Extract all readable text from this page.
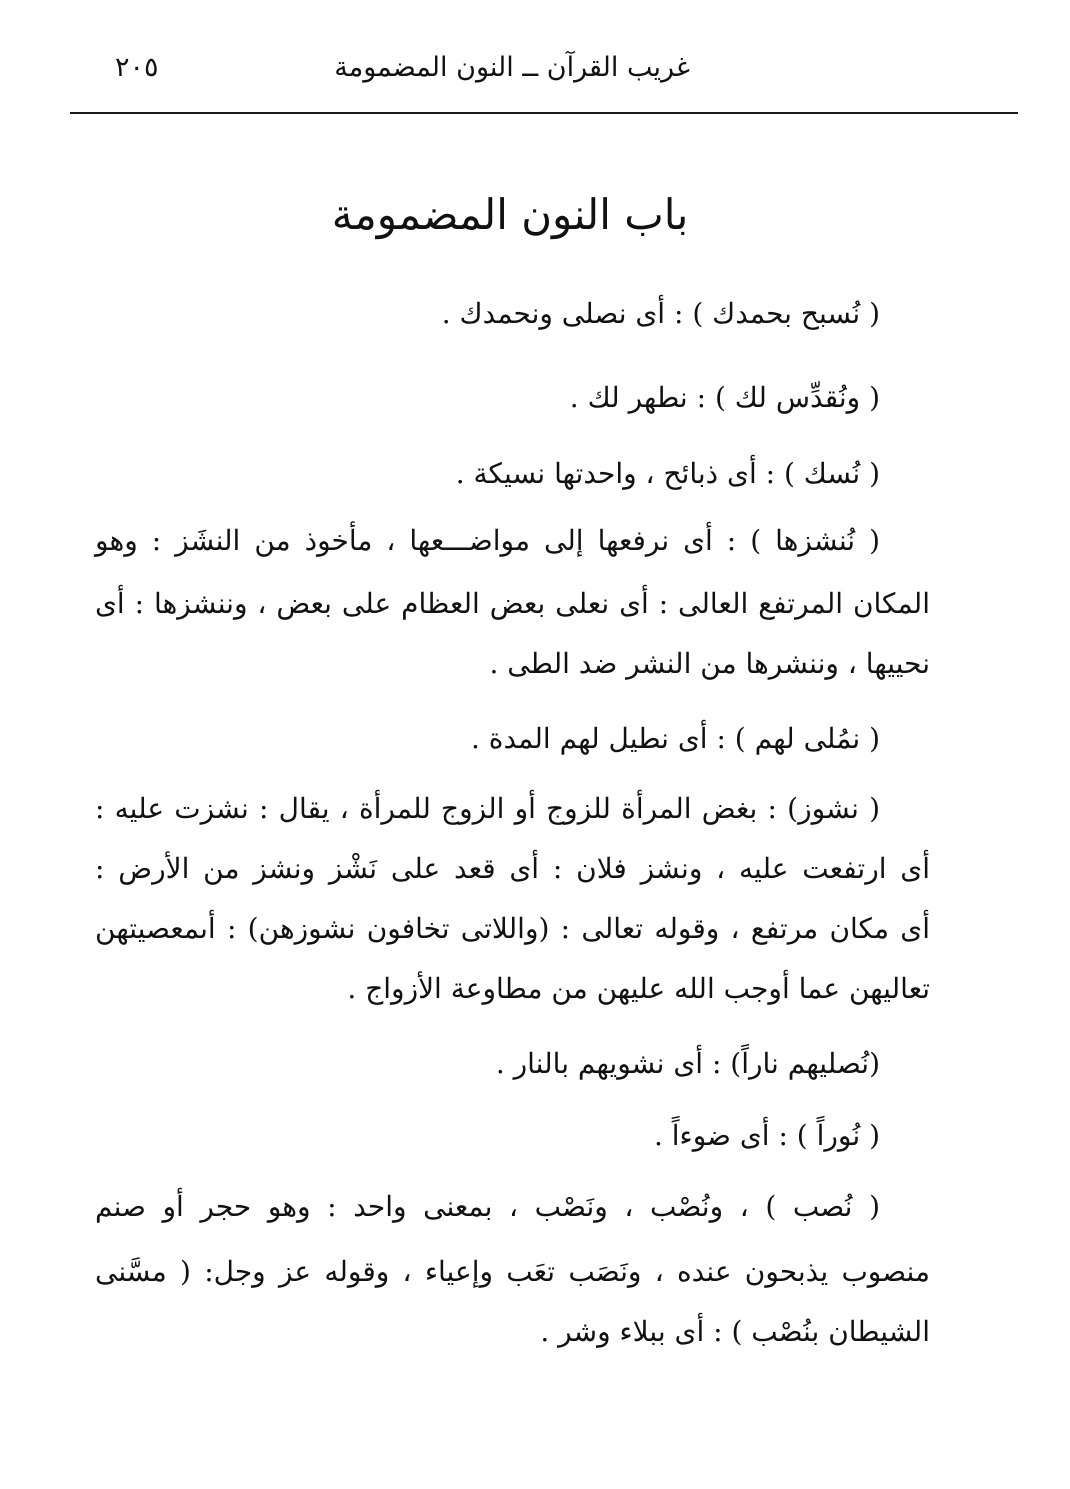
غريب القرآن ــ النون المضمومة
٢٠٥
باب النون المضمومة
( نُسبح بحمدك ) : أى نصلى ونحمدك .
( ونُقدِّس لك ) : نطهر لك .
( نُسك ) : أى ذبائح ، واحدتها نسيكة .
( نُنشزها ) : أى نرفعها إلى مواضـــعها ، مأخوذ من النشَز : وهو
المكان المرتفع العالى : أى نعلى بعض العظام على بعض ، وننشزها : أى
نحييها ، وننشرها من النشر ضد الطى .
( نمُلى لهم ) : أى نطيل لهم المدة .
( نشوز) : بغض المرأة للزوج أو الزوج للمرأة ، يقال : نشزت عليه :
أى ارتفعت عليه ، ونشز فلان : أى قعد على نَشْز ونشز من الأرض :
أى مكان مرتفع ، وقوله تعالى : (واللاتى تخافون نشوزهن) : أىمعصيتهن
تعاليهن عما أوجب الله عليهن من مطاوعة الأزواج .
(نُصليهم ناراً) : أى نشويهم بالنار .
( نُوراً ) : أى ضوءاً .
( نُصب ) ، ونُصْب ، ونَصْب ، بمعنى واحد : وهو حجر أو صنم
منصوب يذبحون عنده ، ونَصَب تعَب وإعياء ، وقوله عز وجل: ( مسَّنى
الشيطان بنُصْب ) : أى ببلاء وشر .
